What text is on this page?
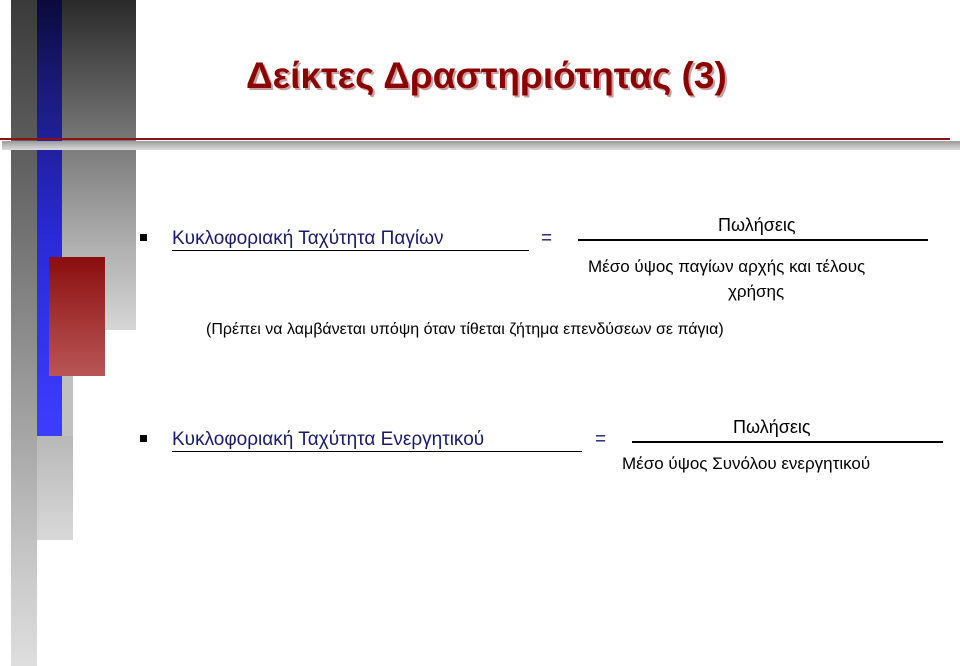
Δείκτες Δραστηριότητας (3)
Κυκλοφοριακή Ταχύτητα Παγίων	=
Πωλήσεις
Μέσο ύψος παγίων αρχής και τέλους
χρήσης
(Πρέπει να λαμβάνεται υπόψη όταν τίθεται ζήτημα επενδύσεων σε πάγια)
Κυκλοφοριακή Ταχύτητα Ενεργητικού	=
Πωλήσεις
Μέσο ύψος Συνόλου ενεργητικού
